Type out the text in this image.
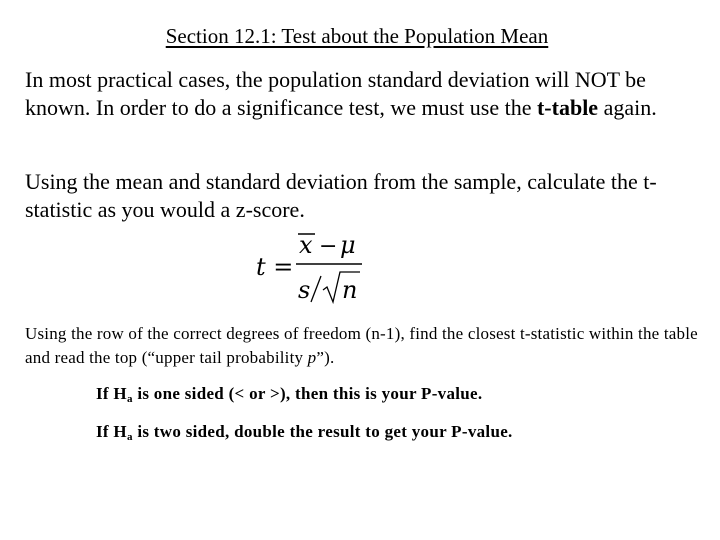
Section 12.1: Test about the Population Mean
In most practical cases, the population standard deviation will NOT be known. In order to do a significance test, we must use the t-table again.
Using the mean and standard deviation from the sample, calculate the t-statistic as you would a z-score.
t =
x − μ
s n
Using the row of the correct degrees of freedom (n-1), find the closest t-statistic within the table and read the top (“upper tail probability p”).
If $H_a$ is one sided (< or >), then this is your P-value.
If $H_a$ is two sided, double the result to get your P-value.
